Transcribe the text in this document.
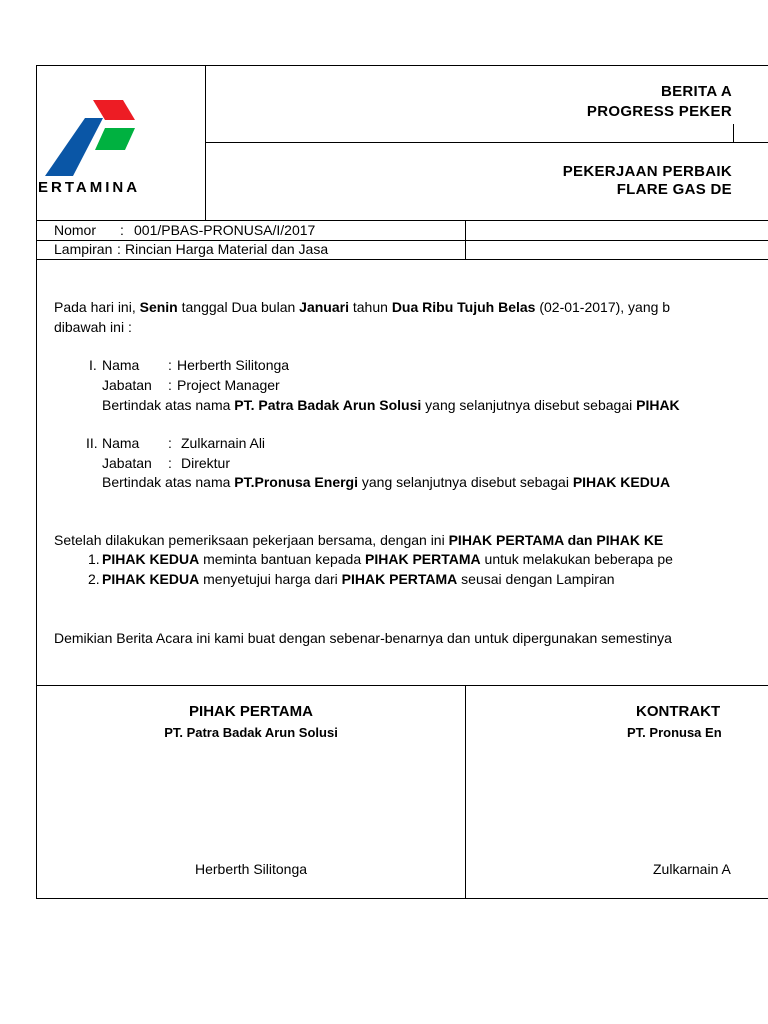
ERTAMINA
BERITA A
PROGRESS PEKER
PEKERJAAN PERBAIK
FLARE GAS DE
Nomor : 001/PBAS-PRONUSA/I/2017
Lampiran : Rincian Harga Material dan Jasa
Pada hari ini, Senin tanggal Dua bulan Januari tahun Dua Ribu Tujuh Belas (02-01-2017), yang b
dibawah ini :
I. Nama : Herberth Silitonga
Jabatan : Project Manager
Bertindak atas nama PT. Patra Badak Arun Solusi yang selanjutnya disebut sebagai PIHAK
II. Nama : Zulkarnain Ali
Jabatan : Direktur
Bertindak atas nama PT.Pronusa Energi yang selanjutnya disebut sebagai PIHAK KEDUA
Setelah dilakukan pemeriksaan pekerjaan bersama, dengan ini PIHAK PERTAMA dan PIHAK KE
1. PIHAK KEDUA meminta bantuan kepada PIHAK PERTAMA untuk melakukan beberapa pe
2. PIHAK KEDUA menyetujui harga dari PIHAK PERTAMA seusai dengan Lampiran
Demikian Berita Acara ini kami buat dengan sebenar-benarnya dan untuk dipergunakan semestinya
PIHAK PERTAMA
PT. Patra Badak Arun Solusi
Herberth Silitonga
KONTRAKT
PT. Pronusa En
Zulkarnain A
